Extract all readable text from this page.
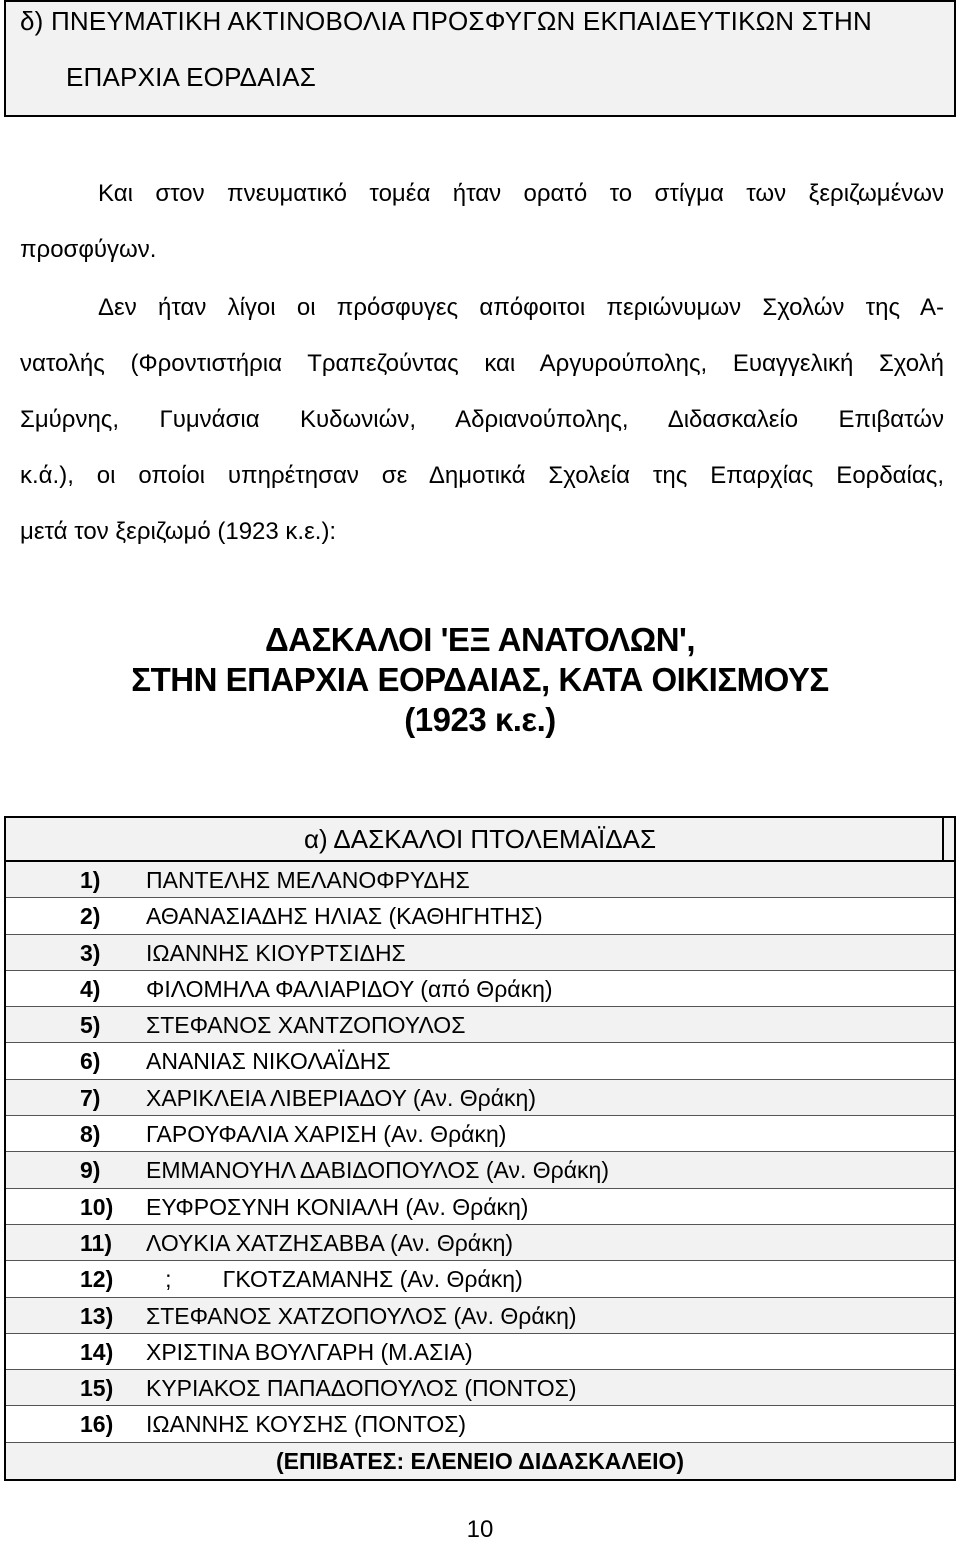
δ) ΠΝΕΥΜΑΤΙΚΗ ΑΚΤΙΝΟΒΟΛΙΑ ΠΡΟΣΦΥΓΩΝ ΕΚΠΑΙΔΕΥΤΙΚΩΝ ΣΤΗΝ
ΕΠΑΡΧΙΑ ΕΟΡΔΑΙΑΣ
Και στον πνευματικό τομέα ήταν ορατό το στίγμα των ξεριζωμένων
προσφύγων.
Δεν ήταν λίγοι οι πρόσφυγες απόφοιτοι περιώνυμων Σχολών της Α-
νατολής (Φροντιστήρια Τραπεζούντας και Αργυρούπολης, Ευαγγελική Σχολή
Σμύρνης, Γυμνάσια Κυδωνιών, Αδριανούπολης, Διδασκαλείο Επιβατών
κ.ά.), οι οποίοι υπηρέτησαν σε Δημοτικά Σχολεία της Επαρχίας Εορδαίας,
μετά τον ξεριζωμό (1923 κ.ε.):
ΔΑΣΚΑΛΟΙ 'ΕΞ ΑΝΑΤΟΛΩΝ',
ΣΤΗΝ ΕΠΑΡΧΙΑ ΕΟΡΔΑΙΑΣ, ΚΑΤΑ ΟΙΚΙΣΜΟΥΣ
(1923 κ.ε.)
α) ΔΑΣΚΑΛΟΙ ΠΤΟΛΕΜΑΪΔΑΣ
1) ΠΑΝΤΕΛΗΣ ΜΕΛΑΝΟΦΡΥΔΗΣ
2) ΑΘΑΝΑΣΙΑΔΗΣ ΗΛΙΑΣ (ΚΑΘΗΓΗΤΗΣ)
3) ΙΩΑΝΝΗΣ ΚΙΟΥΡΤΣΙΔΗΣ
4) ΦΙΛΟΜΗΛΑ ΦΑΛΙΑΡΙΔΟΥ (από Θράκη)
5) ΣΤΕΦΑΝΟΣ ΧΑΝΤΖΟΠΟΥΛΟΣ
6) ΑΝΑΝΙΑΣ ΝΙΚΟΛΑΪΔΗΣ
7) ΧΑΡΙΚΛΕΙΑ ΛΙΒΕΡΙΑΔΟΥ (Αν. Θράκη)
8) ΓΑΡΟΥΦΑΛΙΑ ΧΑΡΙΣΗ (Αν. Θράκη)
9) ΕΜΜΑΝΟΥΗΛ ΔΑΒΙΔΟΠΟΥΛΟΣ (Αν. Θράκη)
10) ΕΥΦΡΟΣΥΝΗ ΚΟΝΙΑΛΗ (Αν. Θράκη)
11) ΛΟΥΚΙΑ ΧΑΤΖΗΣΑΒΒΑ (Αν. Θράκη)
12) ;        ΓΚΟΤΖΑΜΑΝΗΣ (Αν. Θράκη)
13) ΣΤΕΦΑΝΟΣ ΧΑΤΖΟΠΟΥΛΟΣ (Αν. Θράκη)
14) ΧΡΙΣΤΙΝΑ ΒΟΥΛΓΑΡΗ (Μ.ΑΣΙΑ)
15) ΚΥΡΙΑΚΟΣ ΠΑΠΑΔΟΠΟΥΛΟΣ (ΠΟΝΤΟΣ)
16) ΙΩΑΝΝΗΣ ΚΟΥΣΗΣ (ΠΟΝΤΟΣ)
(ΕΠΙΒΑΤΕΣ: ΕΛΕΝΕΙΟ ΔΙΔΑΣΚΑΛΕΙΟ)
10
